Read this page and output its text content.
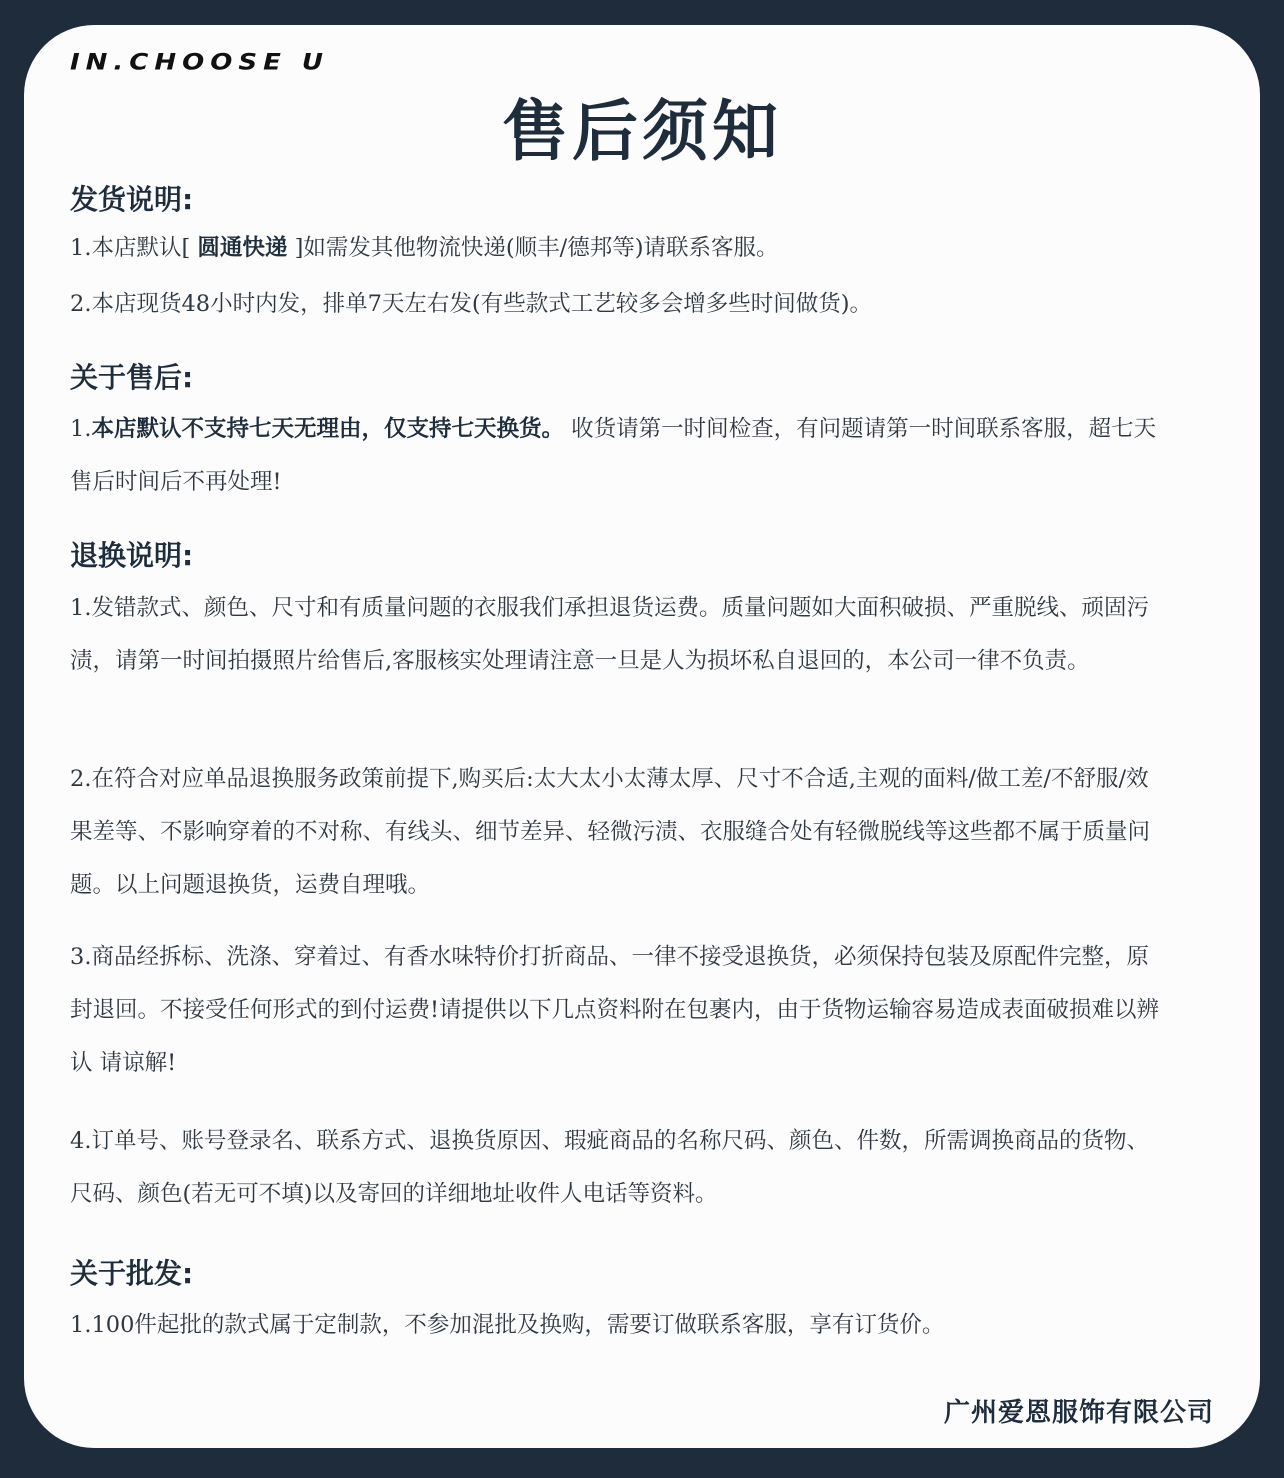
IN.CHOOSE U
售后须知
发货说明:
1.本店默认[ 圆通快递 ]如需发其他物流快递(顺丰/德邦等)请联系客服。
2.本店现货48小时内发，排单7天左右发(有些款式工艺较多会增多些时间做货)。
关于售后:
1.本店默认不支持七天无理由，仅支持七天换货。 收货请第一时间检查，有问题请第一时间联系客服，超七天售后时间后不再处理!
退换说明:
1.发错款式、颜色、尺寸和有质量问题的衣服我们承担退货运费。质量问题如大面积破损、严重脱线、顽固污渍，请第一时间拍摄照片给售后,客服核实处理请注意一旦是人为损坏私自退回的，本公司一律不负责。
2.在符合对应单品退换服务政策前提下,购买后:太大太小太薄太厚、尺寸不合适,主观的面料/做工差/不舒服/效果差等、不影响穿着的不对称、有线头、细节差异、轻微污渍、衣服缝合处有轻微脱线等这些都不属于质量问题。以上问题退换货，运费自理哦。
3.商品经拆标、洗涤、穿着过、有香水味特价打折商品、一律不接受退换货，必须保持包装及原配件完整，原封退回。不接受任何形式的到付运费!请提供以下几点资料附在包裹内，由于货物运输容易造成表面破损难以辨认 请谅解!
4.订单号、账号登录名、联系方式、退换货原因、瑕疵商品的名称尺码、颜色、件数，所需调换商品的货物、尺码、颜色(若无可不填)以及寄回的详细地址收件人电话等资料。
关于批发:
1.100件起批的款式属于定制款，不参加混批及换购，需要订做联系客服，享有订货价。
广州爱恩服饰有限公司
